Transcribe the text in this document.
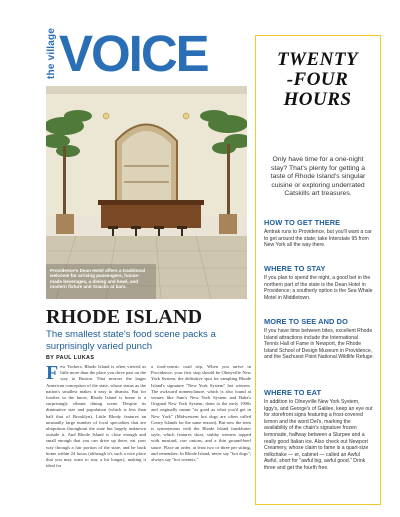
the village VOICE
Providence's Dean Hotel offers a traditional welcome for arriving passengers, house-made beverages, a dining and bowl, and modern fixture and Snacks at bars.
RHODE ISLAND
The smallest state's food scene packs a surprisingly varied punch
BY PAUL LUKAS
F ew Yorkers, Rhode Island is often viewed as little more than the place you drive past on the way to Boston. That mirrors the larger American conception of the state, whose status as the nation's smallest makes it easy to dismiss. But for foodies in the know, Rhode Island is home to a surprisingly vibrant dining scene. Despite its diminutive size and population (which is less than half that of Brooklyn), Little Rhody features an unusually large number of local specialties that are ubiquitous throughout the state but largely unknown outside it. And Rhode Island is close enough and small enough that you can drive up there, eat your way through a fair portion of the state, and be back home within 24 hours (although it's such a nice place that you may want to stay a bit longer), making it ideal for
a food-centric road trip. When you arrive in Providence, your first stop should be Olneyville New York System, the definitive spot for sampling Rhode Island's signature "New York System" hot wieners. The awkward nomenclature, which is also found at venues like Sam's New York System and Baba's Original New York System, dates to the early 1900s and originally meant "as good as what you'd get in New York" (Midwestern hot dogs are often called Coney Islands for the same reason). But now the term is synonymous with the Rhode Island frankfurter style, which features short, stubby wieners topped with mustard, raw onions, and a thin ground-beef sauce. Place an order, at least two or three per sitting, and remember: In Rhode Island, never say "hot dogs"; always say "hot wieners."
TWENTY
-FOUR
HOURS
Only have time for a one-night stay? That's plenty for getting a taste of Rhode Island's singular cuisine or exploring underrated Catskills art treasures.
HOW TO GET THERE
Amtrak runs to Providence, but you'll want a car to get around the state; take Interstate 95 from New York all the way there.
WHERE TO STAY
If you plan to spend the night, a good bet in the northern part of the state is the Dean Hotel in Providence; a southerly option is the Sea Whale Motel in Middletown.
MORE TO SEE AND DO
If you have time between bites, excellent Rhode Island attractions include the International Tennis Hall of Fame in Newport, the Rhode Island School of Design Museum in Providence, and the Sachuest Point National Wildlife Refuge.
WHERE TO EAT
In addition to Olneyville New York System, Iggy's, and George's of Galilee, keep an eye out for storefront signs featuring a frost-covered lemon and the word Del's, marking the availability of the chain's signature frozen lemonade, halfway between a Slurpee and a really good Italian ice. Also check out Newport Creamery, whose claim to fame is a quart-size milkshake — er, cabinet — called an Awful Awful, short for "awful big, awful good." Drink three and get the fourth free.
